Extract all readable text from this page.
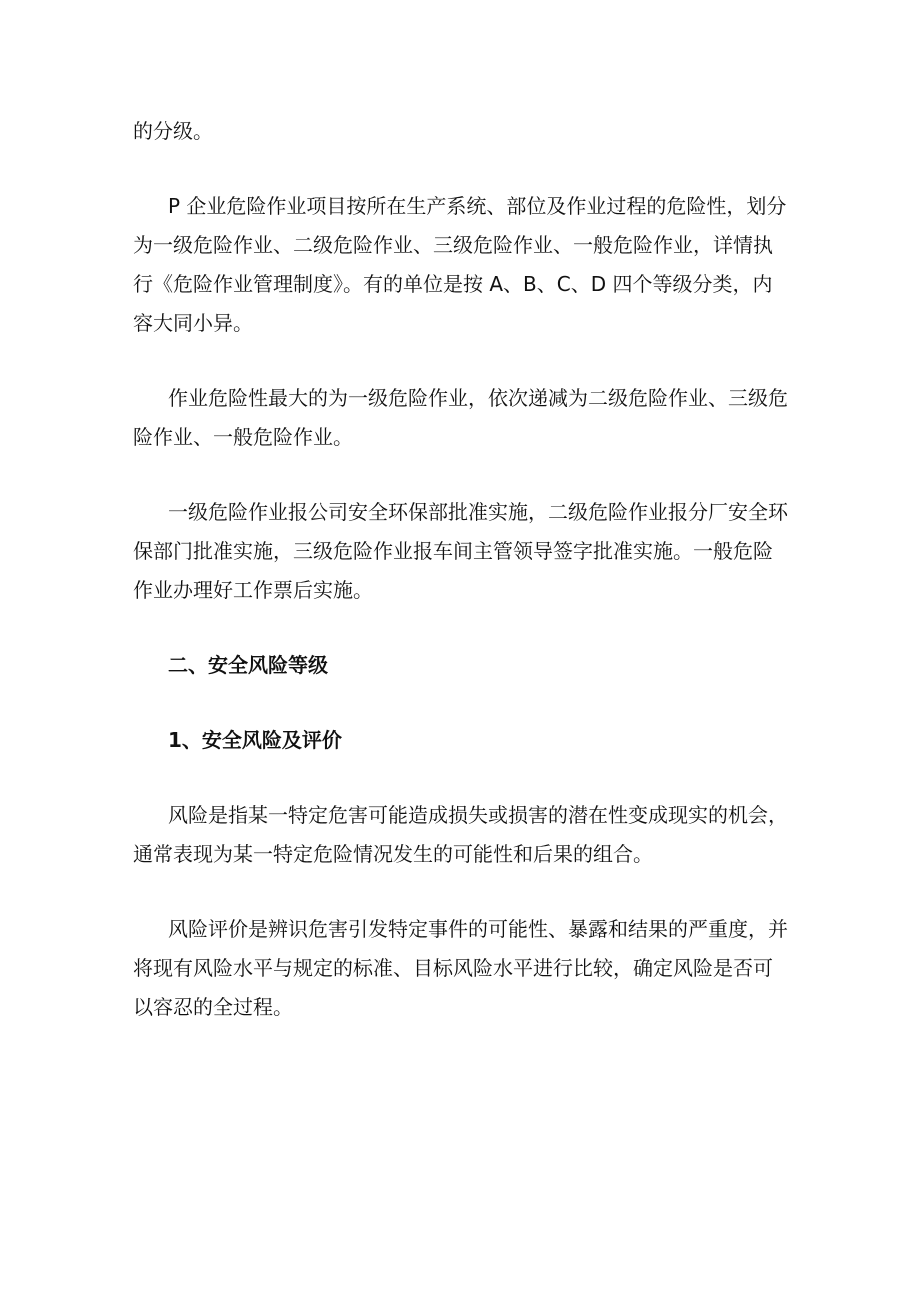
的分级。

P 企业危险作业项目按所在生产系统、部位及作业过程的危险性，划分为一级危险作业、二级危险作业、三级危险作业、一般危险作业，详情执行《危险作业管理制度》。有的单位是按 A、B、C、D 四个等级分类，内容大同小异。

作业危险性最大的为一级危险作业，依次递减为二级危险作业、三级危险作业、一般危险作业。

一级危险作业报公司安全环保部批准实施，二级危险作业报分厂安全环保部门批准实施，三级危险作业报车间主管领导签字批准实施。一般危险作业办理好工作票后实施。

二、安全风险等级

1、安全风险及评价

风险是指某一特定危害可能造成损失或损害的潜在性变成现实的机会，通常表现为某一特定危险情况发生的可能性和后果的组合。

风险评价是辨识危害引发特定事件的可能性、暴露和结果的严重度，并将现有风险水平与规定的标准、目标风险水平进行比较，确定风险是否可以容忍的全过程。
